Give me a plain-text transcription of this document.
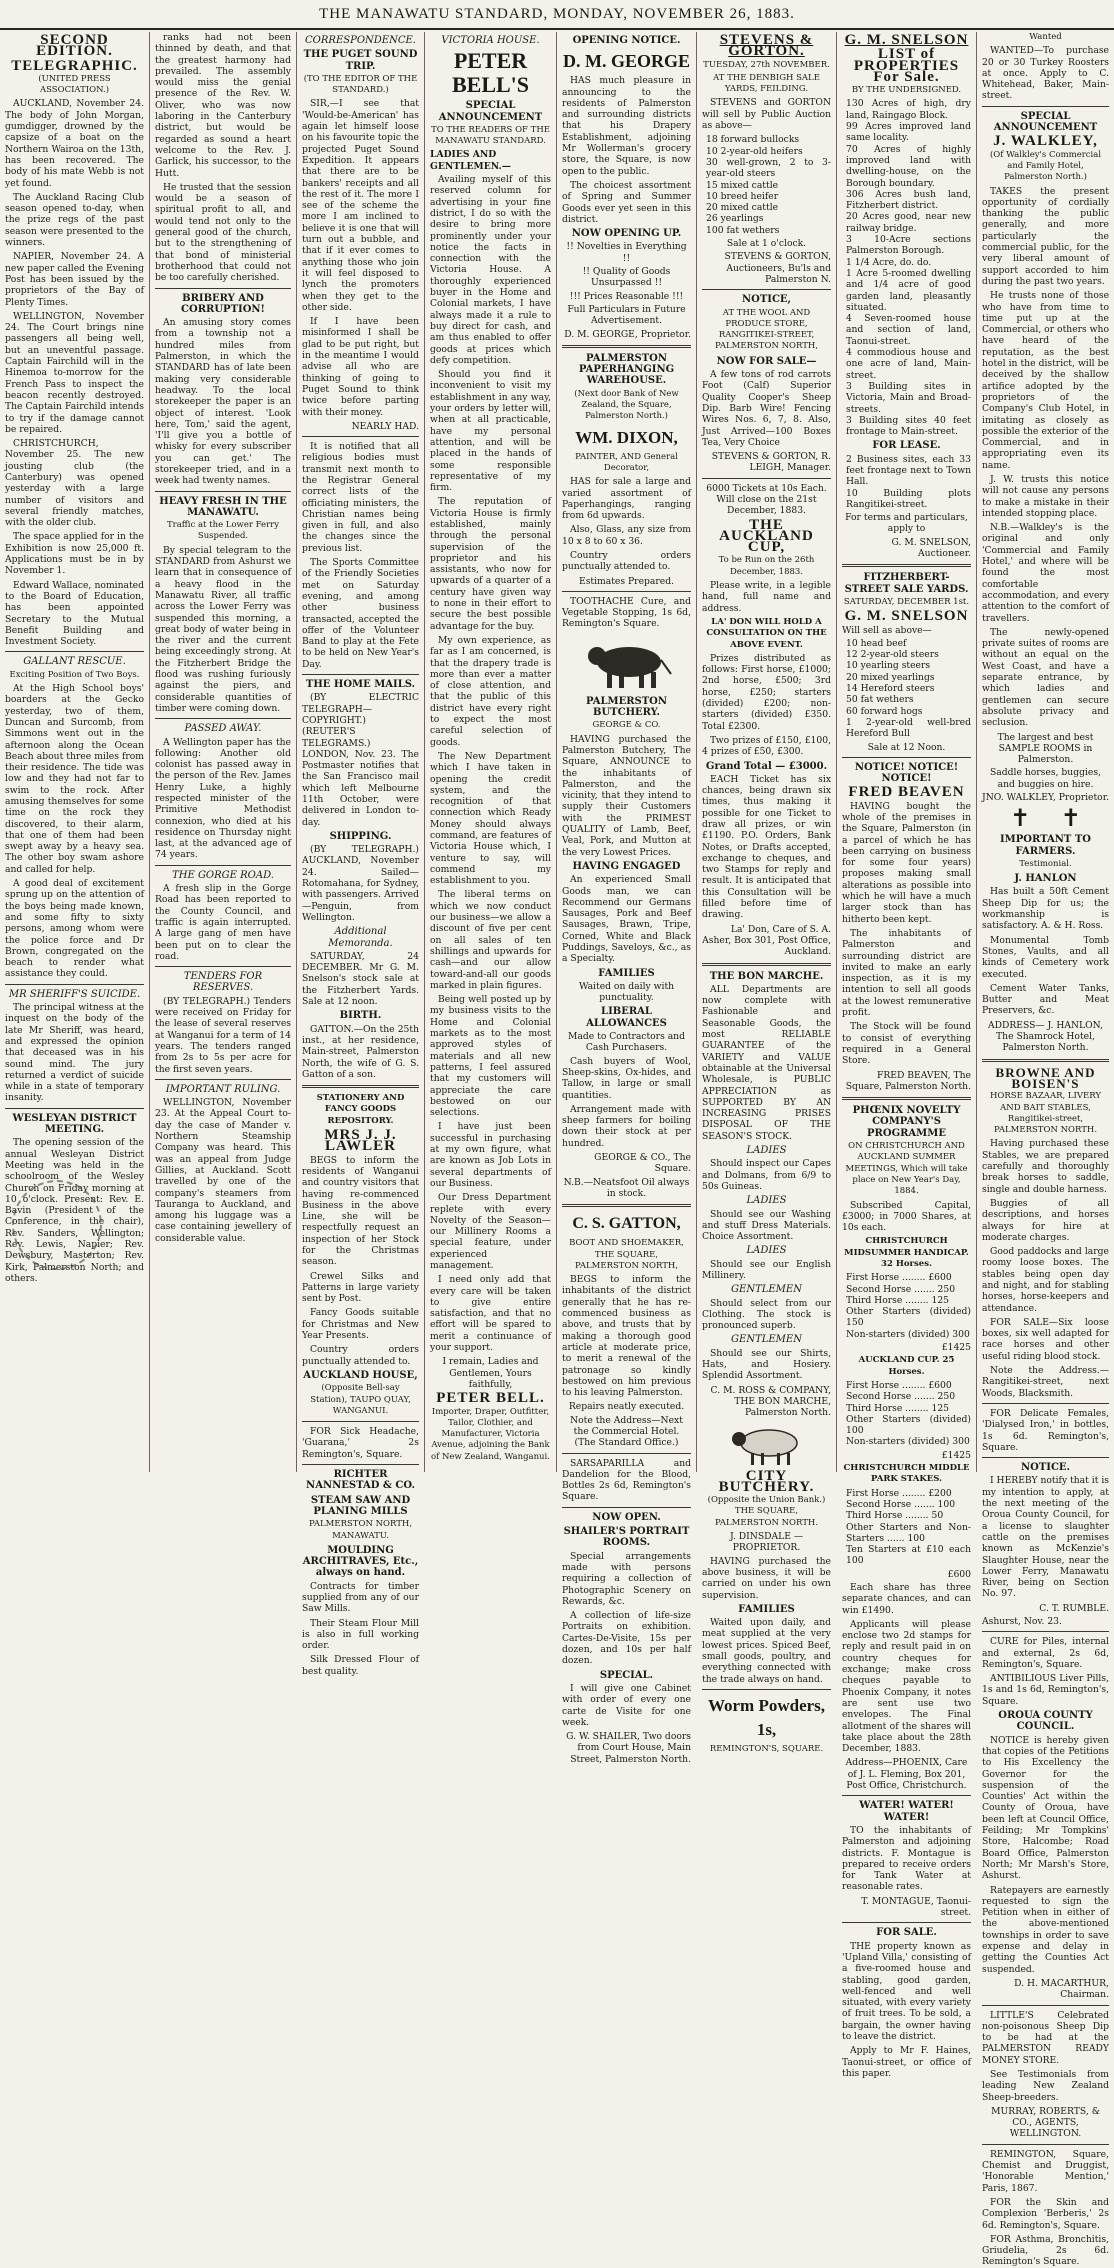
THE MANAWATU STANDARD, MONDAY, NOVEMBER 26, 1883.
SECOND EDITION.
TELEGRAPHIC.
(UNITED PRESS ASSOCIATION.)

AUCKLAND, November 24. The body of John Morgan, gumdigger, drowned by the capsize of a boat on the Northern Wairoa on the 13th, has been recovered. The body of his mate Webb is not yet found.

The Auckland Racing Club season opened to-day, when the prize regs of the past season were presented to the winners.

NAPIER, November 24. A new paper called the Evening Post has been issued by the proprietors of the Bay of Plenty Times.

WELLINGTON, November 24. The Court brings nine passengers all being well, but an uneventful passage. Captain Fairchild will in the Hinemoa to-morrow for the French Pass to inspect the beacon recently destroyed. The Captain Fairchild intends to try if the damage cannot be repaired.

CHRISTCHURCH, November 25. The new jousting club (the Canterbury) was opened yesterday with a large number of visitors and several friendly matches, with the older club.

The space applied for in the Exhibition is now 25,000 ft. Applications must be in by November 1.

Edward Wallace, nominated to the Board of Education, has been appointed Secretary to the Mutual Benefit Building and Investment Society.

GALLANT RESCUE.
Exciting Position of Two Boys.

At the High School boys' boarders at the Gecko yesterday, two of them, Duncan and Surcomb, from Simmons went out in the afternoon along the Ocean Beach about three miles from their residence. The tide was low and they had not far to swim to the rock. After amusing themselves for some time on the rock they discovered, to their alarm, that one of them had been swept away by a heavy sea. The other boy swam ashore and called for help.

A good deal of excitement sprung up on the attention of the boys being made known, and some fifty to sixty persons, among whom were the police force and Dr Brown, congregated on the beach to render what assistance they could.

MR SHERIFF'S SUICIDE.

The principal witness at the inquest on the body of the late Mr Sheriff, was heard, and expressed the opinion that deceased was in his sound mind. The jury returned a verdict of suicide while in a state of temporary insanity.

WESLEYAN DISTRICT MEETING.

The opening session of the annual Wesleyan District Meeting was held in the schoolroom of the Wesley Church on Friday morning at 10 o'clock. Present: Rev. E. Bavin (President of the Conference, in the chair), Rev. Sanders, Wellington; Rev. Lewis, Napier; Rev. Dewsbury, Masterton; Rev. Kirk, Palmerston North; and others.

ranks had not been thinned by death, and that the greatest harmony had prevailed. The assembly would miss the genial presence of the Rev. W. Oliver, who was now laboring in the Canterbury district, but would be regarded as sound a heart welcome to the Rev. J. Garlick, his successor, to the Hutt.

He trusted that the session would be a season of spiritual profit to all, and would tend not only to the general good of the church, but to the strengthening of that bond of ministerial brotherhood that could not be too carefully cherished.

BRIBERY AND CORRUPTION!

An amusing story comes from a township not a hundred miles from Palmerston, in which the STANDARD has of late been making very considerable headway. To the local storekeeper the paper is an object of interest. 'Look here, Tom,' said the agent, 'I'll give you a bottle of whisky for every subscriber you can get.' The storekeeper tried, and in a week had twenty names.

HEAVY FRESH IN THE MANAWATU.
Traffic at the Lower Ferry Suspended.

By special telegram to the STANDARD from Ashurst we learn that in consequence of a heavy flood in the Manawatu River, all traffic across the Lower Ferry was suspended this morning, a great body of water being in the river and the current being exceedingly strong. At the Fitzherbert Bridge the flood was rushing furiously against the piers, and considerable quantities of timber were coming down.

PASSED AWAY.

A Wellington paper has the following: Another old colonist has passed away in the person of the Rev. James Henry Luke, a highly respected minister of the Primitive Methodist connexion, who died at his residence on Thursday night last, at the advanced age of 74 years.

THE GORGE ROAD.

A fresh slip in the Gorge Road has been reported to the County Council, and traffic is again interrupted. A large gang of men have been put on to clear the road.

TENDERS FOR RESERVES.

(BY TELEGRAPH.) Tenders were received on Friday for the lease of several reserves at Wanganui for a term of 14 years. The tenders ranged from 2s to 5s per acre for the first seven years.

IMPORTANT RULING.

WELLINGTON, November 23. At the Appeal Court to-day the case of Mander v. Northern Steamship Company was heard. This was an appeal from Judge Gillies, at Auckland. Scott travelled by one of the company's steamers from Tauranga to Auckland, and among his luggage was a case containing jewellery of considerable value.

CORRESPONDENCE.
THE PUGET SOUND TRIP.
(TO THE EDITOR OF THE STANDARD.)

SIR,—I see that 'Would-be-American' has again let himself loose on his favourite topic the projected Puget Sound Expedition. It appears that there are to be bankers' receipts and all the rest of it. The more I see of the scheme the more I am inclined to believe it is one that will turn out a bubble, and that if it ever comes to anything those who join it will feel disposed to lynch the promoters when they get to the other side.

If I have been misinformed I shall be glad to be put right, but in the meantime I would advise all who are thinking of going to Puget Sound to think twice before parting with their money.

NEARLY HAD.

It is notified that all religious bodies must transmit next month to the Registrar General correct lists of the officiating ministers, the Christian names being given in full, and also the changes since the previous list.

The Sports Committee of the Friendly Societies met on Saturday evening, and among other business transacted, accepted the offer of the Volunteer Band to play at the Fete to be held on New Year's Day.

THE HOME MAILS.

(BY ELECTRIC TELEGRAPH—COPYRIGHT.) (REUTER'S TELEGRAMS.) LONDON, Nov. 23. The Postmaster notifies that the San Francisco mail which left Melbourne 11th October, were delivered in London to-day.

SHIPPING.

(BY TELEGRAPH.) AUCKLAND, November 24. Sailed—Rotomahana, for Sydney, with passengers. Arrived—Penguin, from Wellington.

Additional Memoranda.

SATURDAY, 24 DECEMBER. Mr G. M. Snelson's stock sale at the Fitzherbert Yards. Sale at 12 noon.

BIRTH.

GATTON.—On the 25th inst., at her residence, Main-street, Palmerston North, the wife of G. S. Gatton of a son.

STATIONERY AND FANCY GOODS REPOSITORY.
MRS J. J. LAWLER

BEGS to inform the residents of Wanganui and country visitors that having re-commenced Business in the above Line, she will be respectfully request an inspection of her Stock for the Christmas season.

Crewel Silks and Patterns in large variety sent by Post.

Fancy Goods suitable for Christmas and New Year Presents.

Country orders punctually attended to.

AUCKLAND HOUSE,
(Opposite Bell-say Station), TAUPO QUAY, WANGANUI.

FOR Sick Headache, 'Guarana,' 2s Remington's, Square.

RICHTER NANNESTAD & CO.
STEAM SAW AND PLANING MILLS
PALMERSTON NORTH, MANAWATU.
MOULDING ARCHITRAVES, Etc., always on hand.

Contracts for timber supplied from any of our Saw Mills.

Their Steam Flour Mill is also in full working order.

Silk Dressed Flour of best quality.

VICTORIA HOUSE.
PETER BELL'S
SPECIAL ANNOUNCEMENT
TO THE READERS OF THE MANAWATU STANDARD.
LADIES AND GENTLEMEN.—

Availing myself of this reserved column for advertising in your fine district, I do so with the desire to bring more prominently under your notice the facts in connection with the Victoria House. A thoroughly experienced buyer in the Home and Colonial markets, I have always made it a rule to buy direct for cash, and am thus enabled to offer goods at prices which defy competition.

Should you find it inconvenient to visit my establishment in any way, your orders by letter will, when at all practicable, have my personal attention, and will be placed in the hands of some responsible representative of my firm.

The reputation of Victoria House is firmly established, mainly through the personal supervision of the proprietor and his assistants, who now for upwards of a quarter of a century have given way to none in their effort to secure the best possible advantage for the buy.

My own experience, as far as I am concerned, is that the drapery trade is more than ever a matter of close attention, and that the public of this district have every right to expect the most careful selection of goods.

The New Department which I have taken in opening the credit system, and the recognition of that connection which Ready Money should always command, are features of Victoria House which, I venture to say, will commend my establishment to you.

The liberal terms on which we now conduct our business—we allow a discount of five per cent on all sales of ten shillings and upwards for cash—and our allow toward-and-all our goods marked in plain figures.

Being well posted up by my business visits to the Home and Colonial markets as to the most approved styles of materials and all new patterns, I feel assured that my customers will appreciate the care bestowed on our selections.

I have just been successful in purchasing at my own figure, what are known as Job Lots in several departments of our Business.

Our Dress Department replete with every Novelty of the Season—our Millinery Rooms a special feature, under experienced management.

I need only add that every care will be taken to give entire satisfaction, and that no effort will be spared to merit a continuance of your support.

I remain, Ladies and Gentlemen, Yours faithfully,
PETER BELL.
Importer, Draper, Outfitter, Tailor, Clothier, and Manufacturer, Victoria Avenue, adjoining the Bank of New Zealand, Wanganui.
OPENING NOTICE.
D. M. GEORGE

HAS much pleasure in announcing to the residents of Palmerston and surrounding districts that his Drapery Establishment, adjoining Mr Wollerman's grocery store, the Square, is now open to the public.

The choicest assortment of Spring and Summer Goods ever yet seen in this district.

NOW OPENING UP.
!! Novelties in Everything !!
!! Quality of Goods Unsurpassed !!
!!! Prices Reasonable !!!
Full Particulars in Future Advertisement.
D. M. GEORGE, Proprietor.
PALMERSTON PAPERHANGING WAREHOUSE.
(Next door Bank of New Zealand, the Square, Palmerston North.)
WM. DIXON,
PAINTER, AND General Decorator,

HAS for sale a large and varied assortment of Paperhangings, ranging from 6d upwards.

Also, Glass, any size from 10 x 8 to 60 x 36.

Country orders punctually attended to.

Estimates Prepared.

TOOTHACHE Cure, and Vegetable Stopping, 1s 6d, Remington's Square.

PALMERSTON BUTCHERY.
GEORGE & CO.

HAVING purchased the Palmerston Butchery, The Square, ANNOUNCE to the inhabitants of Palmerston, and the vicinity, that they intend to supply their Customers with the PRIMEST QUALITY of Lamb, Beef, Veal, Pork, and Mutton at the very Lowest Prices.

HAVING ENGAGED

An experienced Small Goods man, we can Recommend our Germans Sausages, Pork and Beef Sausages, Brawn, Tripe, Corned, White and Black Puddings, Saveloys, &c., as a Specialty.

FAMILIES
Waited on daily with punctuality.
LIBERAL ALLOWANCES
Made to Contractors and Cash Purchasers.

Cash buyers of Wool, Sheep-skins, Ox-hides, and Tallow, in large or small quantities.

Arrangement made with sheep farmers for boiling down their stock at per hundred.

GEORGE & CO., The Square.
N.B.—Neatsfoot Oil always in stock.
C. S. GATTON,
BOOT AND SHOEMAKER, THE SQUARE, PALMERSTON NORTH,

BEGS to inform the inhabitants of the district generally that he has re-commenced business as above, and trusts that by making a thorough good article at moderate price, to merit a renewal of the patronage so kindly bestowed on him previous to his leaving Palmerston.

Repairs neatly executed.
Note the Address—Next the Commercial Hotel. (The Standard Office.)

SARSAPARILLA and Dandelion for the Blood, Bottles 2s 6d, Remington's Square.

NOW OPEN.
SHAILER'S PORTRAIT ROOMS.

Special arrangements made with persons requiring a collection of Photographic Scenery on Rewards, &c.

A collection of life-size Portraits on exhibition. Cartes-De-Visite, 15s per dozen, and 10s per half dozen.

SPECIAL.

I will give one Cabinet with order of every one carte de Visite for one week.

G. W. SHAILER, Two doors from Court House, Main Street, Palmerston North.
STEVENS & GORTON.
TUESDAY, 27th NOVEMBER.
AT THE DENBIGH SALE YARDS, FEILDING.

STEVENS and GORTON will sell by Public Auction as above—

18 forward bullocks
10 2-year-old heifers
30 well-grown, 2 to 3-year-old steers
15 mixed cattle
10 breed heifer
20 mixed cattle
26 yearlings
100 fat wethers
Sale at 1 o'clock.
STEVENS & GORTON, Auctioneers, Bu'ls and Palmerston N.
NOTICE,
AT THE WOOL AND PRODUCE STORE, RANGITIKEI-STREET, PALMERSTON NORTH,
NOW FOR SALE—

A few tons of rod carrots Foot (Calf) Superior Quality Cooper's Sheep Dip. Barb Wire! Fencing Wires Nos. 6, 7, 8. Also, Just Arrived—100 Boxes Tea, Very Choice

STEVENS & GORTON, R. LEIGH, Manager.
6000 Tickets at 10s Each. Will close on the 21st December, 1883.
THE AUCKLAND CUP,
To be Run on the 26th December, 1883.

Please write, in a legible hand, full name and address.

LA' DON WILL HOLD A CONSULTATION ON THE ABOVE EVENT.

Prizes distributed as follows: First horse, £1000; 2nd horse, £500; 3rd horse, £250; starters (divided) £200; non-starters (divided) £350. Total £2300.

Two prizes of £150, £100, 4 prizes of £50, £300.

Grand Total — £3000.

EACH Ticket has six chances, being drawn six times, thus making it possible for one Ticket to draw all prizes, or win £1190. P.O. Orders, Bank Notes, or Drafts accepted, exchange to cheques, and two Stamps for reply and result. It is anticipated that this Consultation will be filled before time of drawing.

La' Don, Care of S. A. Asher, Box 301, Post Office, Auckland.
THE BON MARCHE.

ALL Departments are now complete with Fashionable and Seasonable Goods, the most RELIABLE GUARANTEE of the VARIETY and VALUE obtainable at the Universal Wholesale, is PUBLIC APPRECIATION as SUPPORTED BY AN INCREASING PRISES DISPOSAL OF THE SEASON'S STOCK.

LADIES

Should inspect our Capes and Dolmans, from 6/9 to 50s Guineas.

LADIES

Should see our Washing and stuff Dress Materials. Choice Assortment.

LADIES

Should see our English Millinery.

GENTLEMEN

Should select from our Clothing. The stock is pronounced superb.

GENTLEMEN

Should see our Shirts, Hats, and Hosiery. Splendid Assortment.

C. M. ROSS & COMPANY, THE BON MARCHE, Palmerston North.
CITY BUTCHERY.
(Opposite the Union Bank.) THE SQUARE, PALMERSTON NORTH.
J. DINSDALE — PROPRIETOR.

HAVING purchased the above business, it will be carried on under his own supervision.

FAMILIES

Waited upon daily, and meat supplied at the very lowest prices. Spiced Beef, small goods, poultry, and everything connected with the trade always on hand.

Worm Powders, 1s,
REMINGTON'S, SQUARE.
G. M. SNELSON
LIST of PROPERTIES For Sale.
BY THE UNDERSIGNED.
130 Acres of high, dry land, Raingago Block.
99 Acres improved land same locality.
70 Acres of highly improved land with dwelling-house, on the Borough boundary.
306 Acres bush land, Fitzherbert district.
20 Acres good, near new railway bridge.
3 10-Acre sections Palmerston Borough.
1 1/4 Acre, do. do.
1 Acre 5-roomed dwelling and 1/4 acre of good garden land, pleasantly situated.
4 Seven-roomed house and section of land, Taonui-street.
4 commodious house and one acre of land, Main-street.
3 Building sites in Victoria, Main and Broad-streets.
3 Building sites 40 feet frontage to Main-street.
FOR LEASE.
2 Business sites, each 33 feet frontage next to Town Hall.
10 Building plots Rangitikei-street.
For terms and particulars, apply to
G. M. SNELSON, Auctioneer.
FITZHERBERT-STREET SALE YARDS.
SATURDAY, DECEMBER 1st.
G. M. SNELSON
Will sell as above—
10 head beef
12 2-year-old steers
10 yearling steers
20 mixed yearlings
14 Hereford steers
50 fat wethers
60 forward hogs
1 2-year-old well-bred Hereford Bull
Sale at 12 Noon.
NOTICE! NOTICE! NOTICE!
FRED BEAVEN

HAVING bought the whole of the premises in the Square, Palmerston (in a parcel of which he has been carrying on business for some four years) proposes making small alterations as possible into which he will have a much larger stock than has hitherto been kept.

The inhabitants of Palmerston and surrounding district are invited to make an early inspection, as it is my intention to sell all goods at the lowest remunerative profit.

The Stock will be found to consist of everything required in a General Store.

FRED BEAVEN, The Square, Palmerston North.
PHŒNIX NOVELTY COMPANY'S PROGRAMME
ON CHRISTCHURCH AND AUCKLAND SUMMER MEETINGS, Which will take place on New Year's Day, 1884.

Subscribed Capital, £3000; in 7000 Shares, at 10s each.

CHRISTCHURCH MIDSUMMER HANDICAP. 32 Horses.
First Horse ........ £600
Second Horse ....... 250
Third Horse ........ 125
Other Starters (divided) 150
Non-starters (divided) 300
£1425
AUCKLAND CUP. 25 Horses.
First Horse ........ £600
Second Horse ....... 250
Third Horse ........ 125
Other Starters (divided) 100
Non-starters (divided) 300
£1425
CHRISTCHURCH MIDDLE PARK STAKES.
First Horse ........ £200
Second Horse ....... 100
Third Horse ........ 50
Other Starters and Non-Starters ...... 100
Ten Starters at £10 each 100
£600

Each share has three separate chances, and can win £1490.

Applicants will please enclose two 2d stamps for reply and result paid in on country cheques for exchange; make cross cheques payable to Phoenix Company, it notes are sent use two envelopes. The Final allotment of the shares will take place about the 28th December, 1883.

Address—PHOENIX, Care of J. L. Fleming, Box 201, Post Office, Christchurch.
WATER! WATER! WATER!

TO the inhabitants of Palmerston and adjoining districts. F. Montague is prepared to receive orders for Tank Water at reasonable rates.

T. MONTAGUE, Taonui-street.
FOR SALE.

THE property known as 'Upland Villa,' consisting of a five-roomed house and stabling, good garden, well-fenced and well situated, with every variety of fruit trees. To be sold, a bargain, the owner having to leave the district.

Apply to Mr F. Haines, Taonui-street, or office of this paper.

Wanted

WANTED—To purchase 20 or 30 Turkey Roosters at once. Apply to C. Whitehead, Baker, Main-street.

SPECIAL ANNOUNCEMENT
J. WALKLEY,
(Of Walkley's Commercial and Family Hotel, Palmerston North.)

TAKES the present opportunity of cordially thanking the public generally, and more particularly the commercial public, for the very liberal amount of support accorded to him during the past two years.

He trusts none of those who have from time to time put up at the Commercial, or others who have heard of the reputation, as the best hotel in the district, will be deceived by the shallow artifice adopted by the proprietors of the Company's Club Hotel, in imitating as closely as possible the exterior of the Commercial, and in appropriating even its name.

J. W. trusts this notice will not cause any persons to make a mistake in their intended stopping place.

N.B.—Walkley's is the original and only 'Commercial and Family Hotel,' and where will be found the most comfortable accommodation, and every attention to the comfort of travellers.

The newly-opened private suites of rooms are without an equal on the West Coast, and have a separate entrance, by which ladies and gentlemen can secure absolute privacy and seclusion.

The largest and best SAMPLE ROOMS in Palmerston.
Saddle horses, buggies, and buggies on hire.
JNO. WALKLEY, Proprietor.
✝    ✝
IMPORTANT TO FARMERS.
Testimonial.
J. HANLON

Has built a 50ft Cement Sheep Dip for us; the workmanship is satisfactory. A. & H. Ross.

Monumental Tomb Stones, Vaults, and all kinds of Cemetery work executed.

Cement Water Tanks, Butter and Meat Preservers, &c.

ADDRESS— J. HANLON, The Shamrock Hotel, Palmerston North.
BROWNE AND BOISEN'S
HORSE BAZAAR, LIVERY AND BAIT STABLES, Rangitikei-street, PALMERSTON NORTH.

Having purchased these Stables, we are prepared carefully and thoroughly break horses to saddle, single and double harness.

Buggies of all descriptions, and horses always for hire at moderate charges.

Good paddocks and large roomy loose boxes. The stables being open day and night, and for stabling horses, horse-keepers and attendance.

FOR SALE—Six loose boxes, six well adapted for race horses and other useful riding blood stock.

Note the Address.—Rangitikei-street, next Woods, Blacksmith.

FOR Delicate Females, 'Dialysed Iron,' in bottles, 1s 6d. Remington's, Square.

NOTICE.

I HEREBY notify that it is my intention to apply, at the next meeting of the Oroua County Council, for a license to slaughter cattle on the premises known as McKenzie's Slaughter House, near the Lower Ferry, Manawatu River, being on Section No. 97.

C. T. RUMBLE.
Ashurst, Nov. 23.

CURE for Piles, internal and external, 2s 6d, Remington's, Square.

ANTIBILIOUS Liver Pills, 1s and 1s 6d, Remington's, Square.

OROUA COUNTY COUNCIL.

NOTICE is hereby given that copies of the Petitions to His Excellency the Governor for the suspension of the Counties' Act within the County of Oroua, have been left at Council Office, Feilding; Mr Tompkins' Store, Halcombe; Road Board Office, Palmerston North; Mr Marsh's Store, Ashurst.

Ratepayers are earnestly requested to sign the Petition when in either of the above-mentioned townships in order to save expense and delay in getting the Counties Act suspended.

D. H. MACARTHUR, Chairman.

LITTLE'S Celebrated non-poisonous Sheep Dip to be had at the PALMERSTON READY MONEY STORE.

See Testimonials from leading New Zealand Sheep-breeders.

MURRAY, ROBERTS, & CO., AGENTS, WELLINGTON.

REMINGTON, Square, Chemist and Druggist, 'Honorable Mention,' Paris, 1867.

FOR the Skin and Complexion 'Berberis,' 2s 6d. Remington's, Square.

FOR Asthma, Bronchitis, Griudelia, 2s 6d. Remington's Square.
